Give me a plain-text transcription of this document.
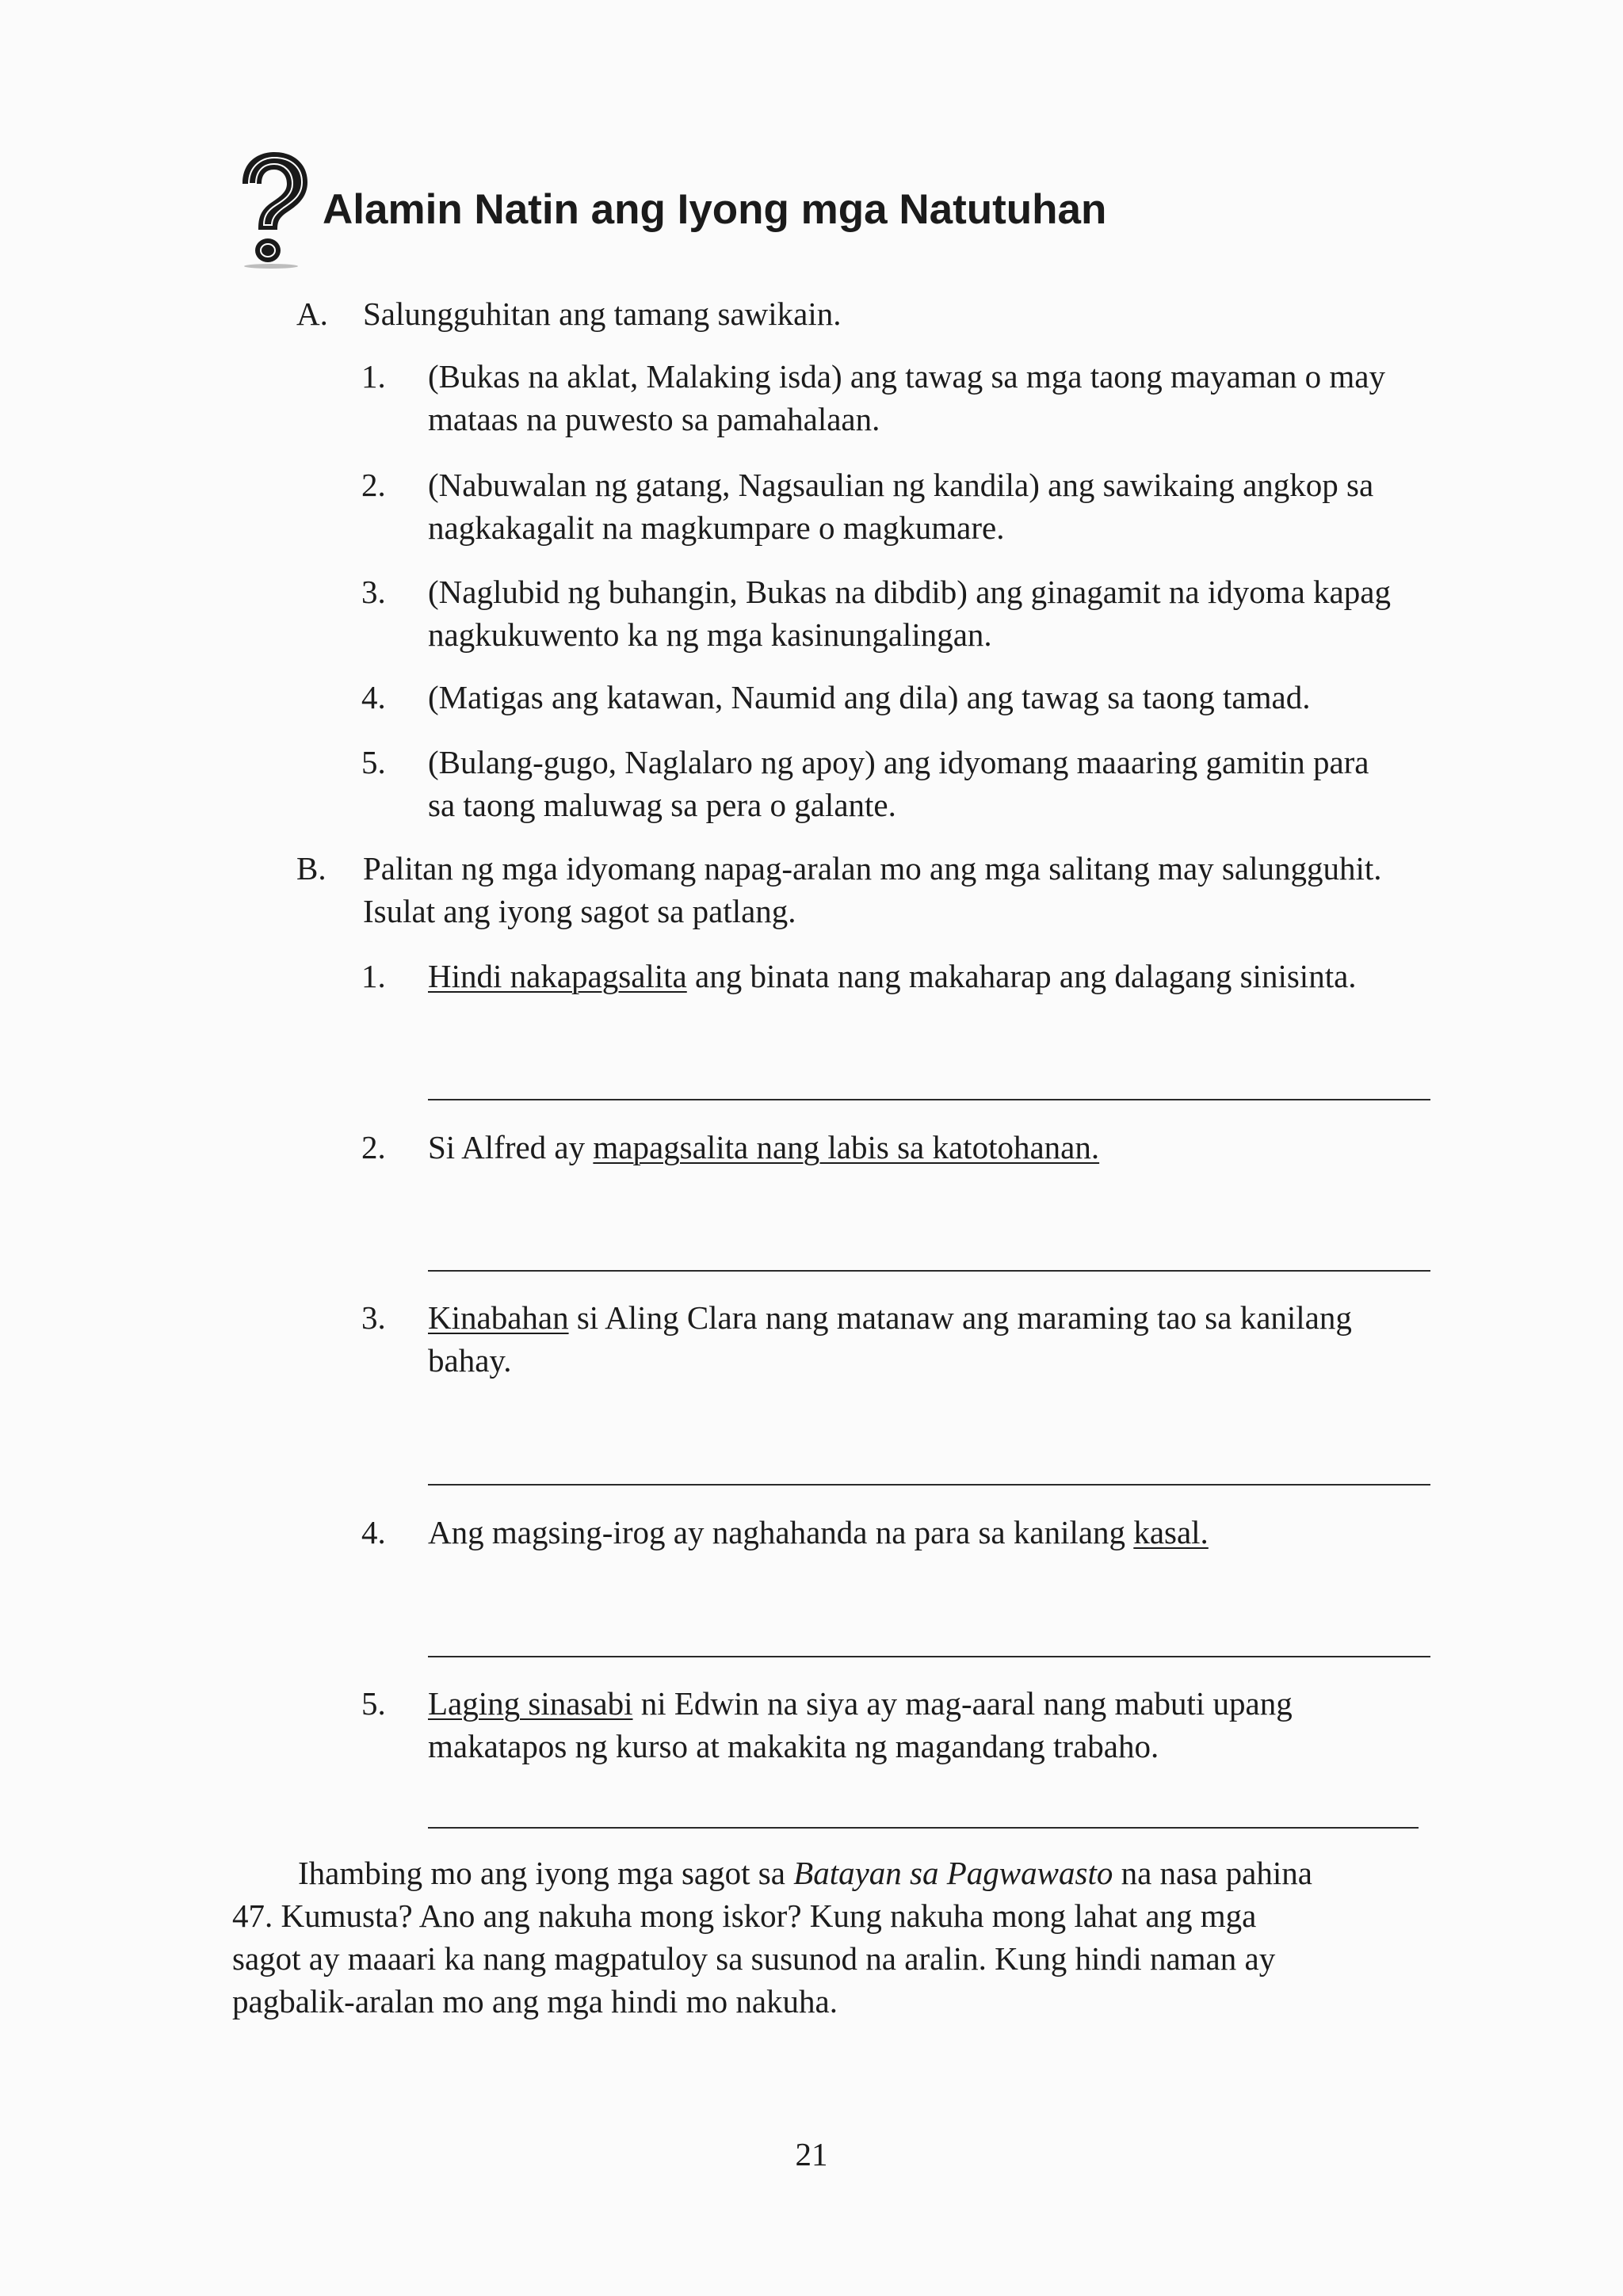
Alamin Natin ang Iyong mga Natutuhan
A. Salungguhitan ang tamang sawikain.
1. (Bukas na aklat, Malaking isda) ang tawag sa mga taong mayaman o may
mataas na puwesto sa pamahalaan.
2. (Nabuwalan ng gatang, Nagsaulian ng kandila) ang sawikaing angkop sa
nagkakagalit na magkumpare o magkumare.
3. (Naglubid ng buhangin, Bukas na dibdib) ang ginagamit na idyoma kapag
nagkukuwento ka ng mga kasinungalingan.
4. (Matigas ang katawan, Naumid ang dila) ang tawag sa taong tamad.
5. (Bulang-gugo, Naglalaro ng apoy) ang idyomang maaaring gamitin para
sa taong maluwag sa pera o galante.
B. Palitan ng mga idyomang napag-aralan mo ang mga salitang may salungguhit.
Isulat ang iyong sagot sa patlang.
1. Hindi nakapagsalita ang binata nang makaharap ang dalagang sinisinta.
2. Si Alfred ay mapagsalita nang labis sa katotohanan.
3. Kinabahan si Aling Clara nang matanaw ang maraming tao sa kanilang
bahay.
4. Ang magsing-irog ay naghahanda na para sa kanilang kasal.
5. Laging sinasabi ni Edwin na siya ay mag-aaral nang mabuti upang
makatapos ng kurso at makakita ng magandang trabaho.
Ihambing mo ang iyong mga sagot sa Batayan sa Pagwawasto na nasa pahina
47. Kumusta? Ano ang nakuha mong iskor? Kung nakuha mong lahat ang mga
sagot ay maaari ka nang magpatuloy sa susunod na aralin. Kung hindi naman ay
pagbalik-aralan mo ang mga hindi mo nakuha.
21
